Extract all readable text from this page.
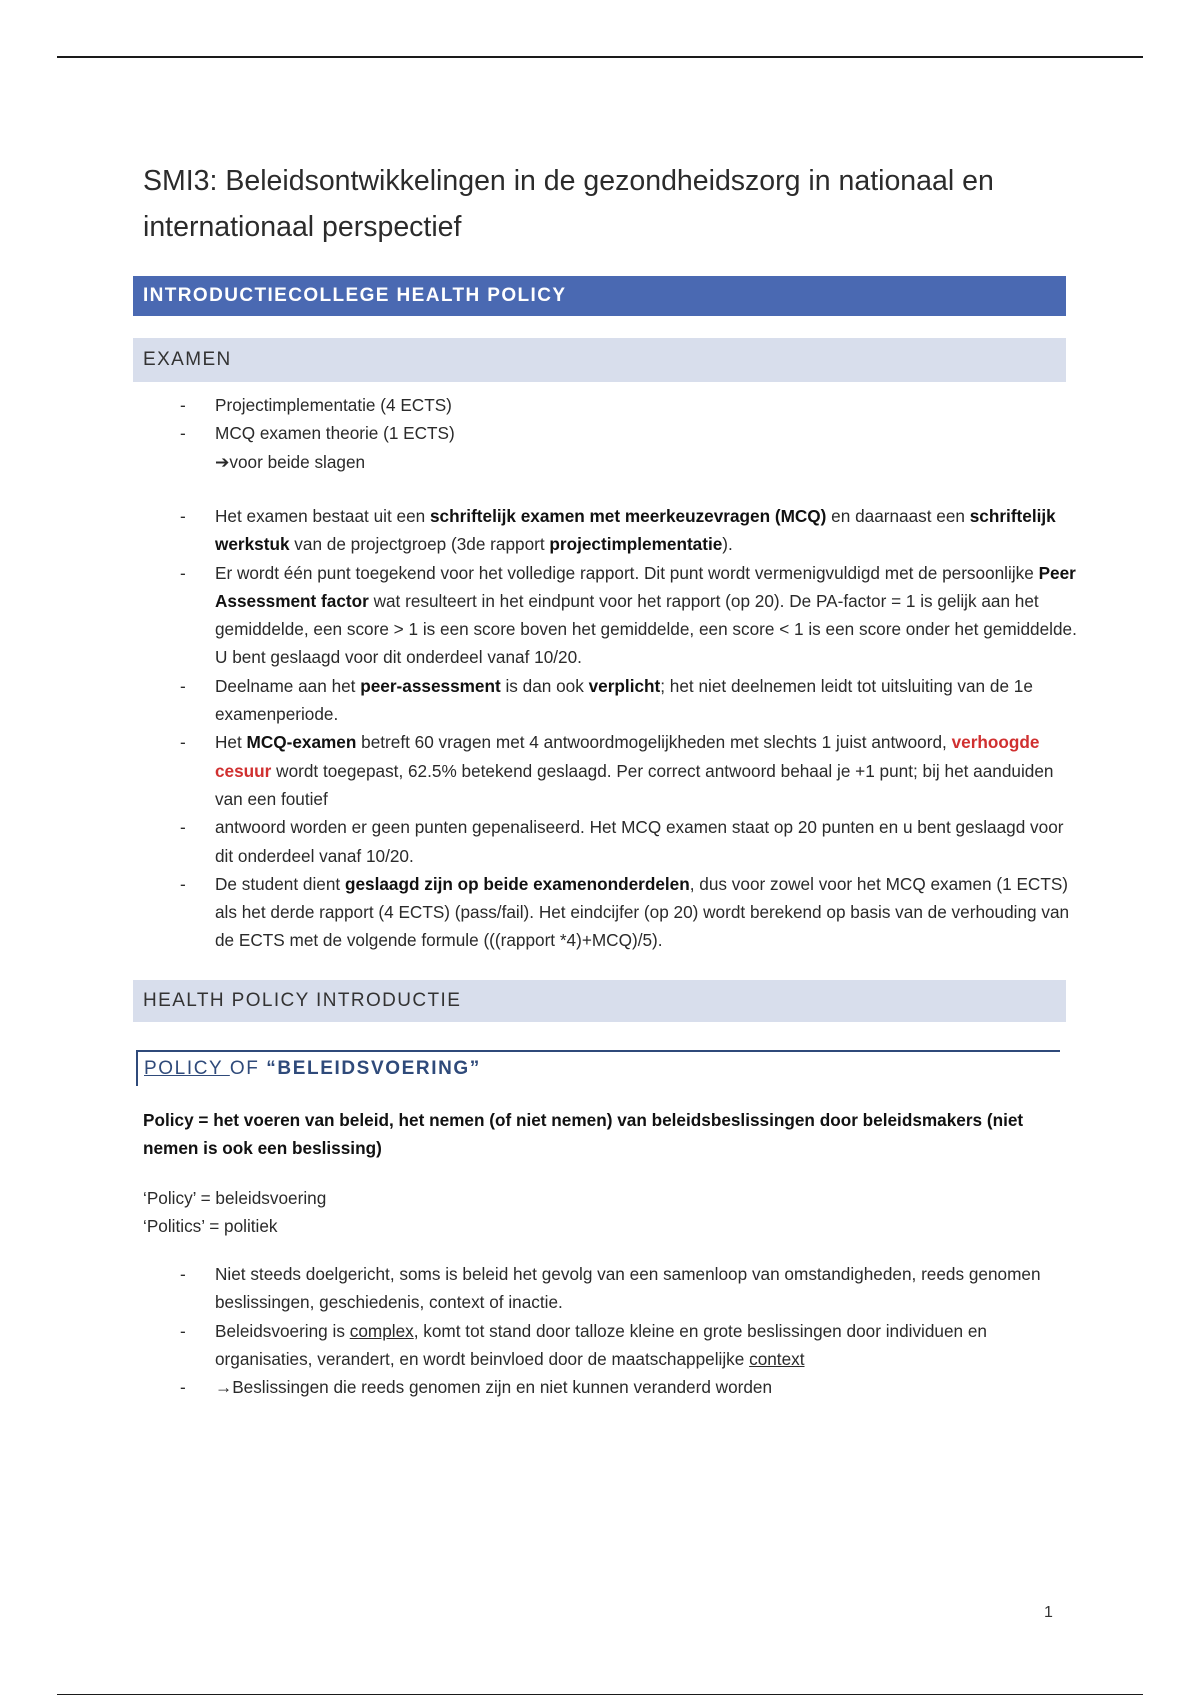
SMI3: Beleidsontwikkelingen in de gezondheidszorg in nationaal en internationaal perspectief
INTRODUCTIECOLLEGE HEALTH POLICY
EXAMEN
- Projectimplementatie (4 ECTS)
- MCQ examen theorie (1 ECTS)
➔voor beide slagen
- Het examen bestaat uit een schriftelijk examen met meerkeuzevragen (MCQ) en daarnaast een schriftelijk werkstuk van de projectgroep (3de rapport projectimplementatie).
- Er wordt één punt toegekend voor het volledige rapport. Dit punt wordt vermenigvuldigd met de persoonlijke Peer Assessment factor wat resulteert in het eindpunt voor het rapport (op 20). De PA-factor = 1 is gelijk aan het gemiddelde, een score > 1 is een score boven het gemiddelde, een score < 1 is een score onder het gemiddelde. U bent geslaagd voor dit onderdeel vanaf 10/20.
- Deelname aan het peer-assessment is dan ook verplicht; het niet deelnemen leidt tot uitsluiting van de 1e examenperiode.
- Het MCQ-examen betreft 60 vragen met 4 antwoordmogelijkheden met slechts 1 juist antwoord, verhoogde cesuur wordt toegepast, 62.5% betekend geslaagd. Per correct antwoord behaal je +1 punt; bij het aanduiden van een foutief
- antwoord worden er geen punten gepenaliseerd. Het MCQ examen staat op 20 punten en u bent geslaagd voor dit onderdeel vanaf 10/20.
- De student dient geslaagd zijn op beide examenonderdelen, dus voor zowel voor het MCQ examen (1 ECTS) als het derde rapport (4 ECTS) (pass/fail). Het eindcijfer (op 20) wordt berekend op basis van de verhouding van de ECTS met de volgende formule (((rapport *4)+MCQ)/5).
HEALTH POLICY INTRODUCTIE
POLICY OF “BELEIDSVOERING”

Policy = het voeren van beleid, het nemen (of niet nemen) van beleidsbeslissingen door beleidsmakers (niet nemen is ook een beslissing)

‘Policy’ = beleidsvoering
‘Politics’ = politiek
- Niet steeds doelgericht, soms is beleid het gevolg van een samenloop van omstandigheden, reeds genomen beslissingen, geschiedenis, context of inactie.
- Beleidsvoering is complex, komt tot stand door talloze kleine en grote beslissingen door individuen en organisaties, verandert, en wordt beinvloed door de maatschappelijke context
- →Beslissingen die reeds genomen zijn en niet kunnen veranderd worden
1
